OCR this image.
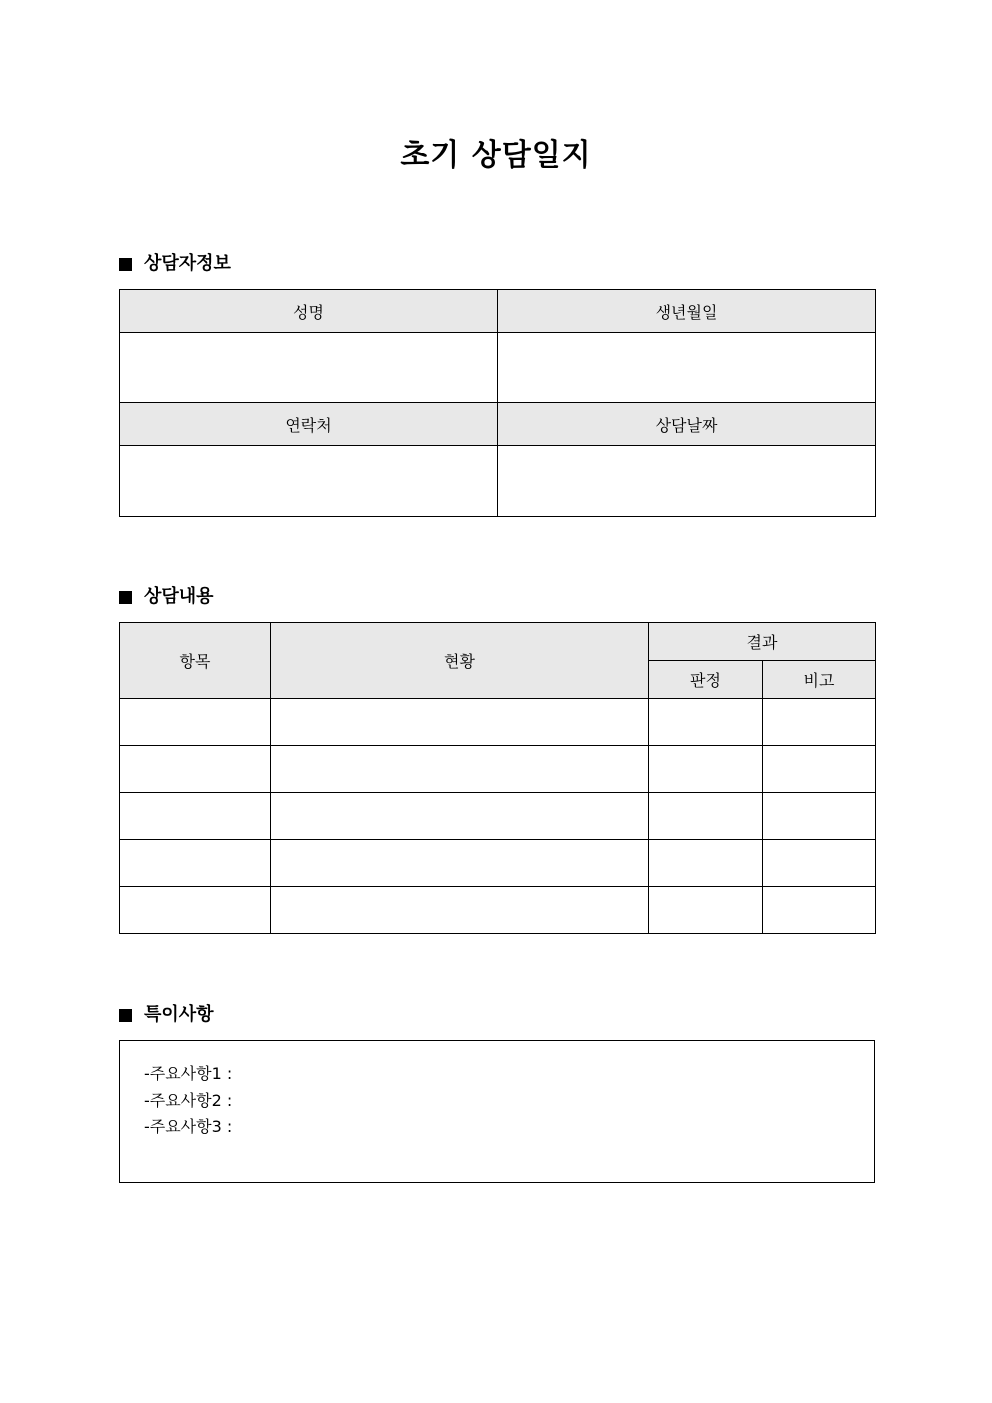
초기 상담일지
상담자정보
성명	생년월일

연락처	상담날짜

상담내용
항목	현황	결과	
		판정	비고

특이사항
-주요사항1 :
-주요사항2 :
-주요사항3 :
